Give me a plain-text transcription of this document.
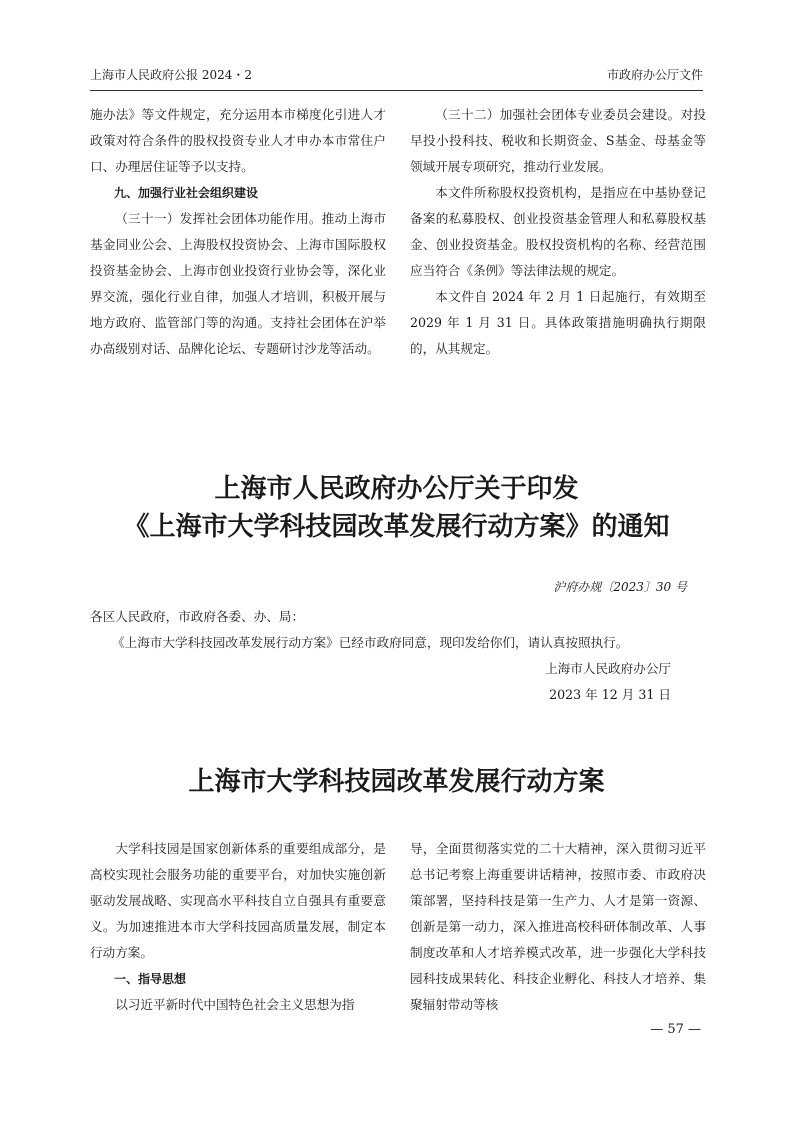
上海市人民政府公报 2024・2	市政府办公厅文件

施办法》等文件规定，充分运用本市梯度化引进人才政策对符合条件的股权投资专业人才申办本市常住户口、办理居住证等予以支持。

九、加强行业社会组织建设

（三十一）发挥社会团体功能作用。推动上海市基金同业公会、上海股权投资协会、上海市国际股权投资基金协会、上海市创业投资行业协会等，深化业界交流，强化行业自律，加强人才培训，积极开展与地方政府、监管部门等的沟通。支持社会团体在沪举办高级别对话、品牌化论坛、专题研讨沙龙等活动。

（三十二）加强社会团体专业委员会建设。对投早投小投科技、税收和长期资金、S基金、母基金等领域开展专项研究，推动行业发展。

本文件所称股权投资机构，是指应在中基协登记备案的私募股权、创业投资基金管理人和私募股权基金、创业投资基金。股权投资机构的名称、经营范围应当符合《条例》等法律法规的规定。

本文件自 2024 年 2 月 1 日起施行，有效期至 2029 年 1 月 31 日。具体政策措施明确执行期限的，从其规定。

上海市人民政府办公厅关于印发
《上海市大学科技园改革发展行动方案》的通知
沪府办规〔2023〕30 号
各区人民政府，市政府各委、办、局：
《上海市大学科技园改革发展行动方案》已经市政府同意，现印发给你们，请认真按照执行。
上海市人民政府办公厅
2023 年 12 月 31 日
上海市大学科技园改革发展行动方案

大学科技园是国家创新体系的重要组成部分，是高校实现社会服务功能的重要平台，对加快实施创新驱动发展战略、实现高水平科技自立自强具有重要意义。为加速推进本市大学科技园高质量发展，制定本行动方案。

一、指导思想

以习近平新时代中国特色社会主义思想为指

导，全面贯彻落实党的二十大精神，深入贯彻习近平总书记考察上海重要讲话精神，按照市委、市政府决策部署，坚持科技是第一生产力、人才是第一资源、创新是第一动力，深入推进高校科研体制改革、人事制度改革和人才培养模式改革，进一步强化大学科技园科技成果转化、科技企业孵化、科技人才培养、集聚辐射带动等核

— 57 —
